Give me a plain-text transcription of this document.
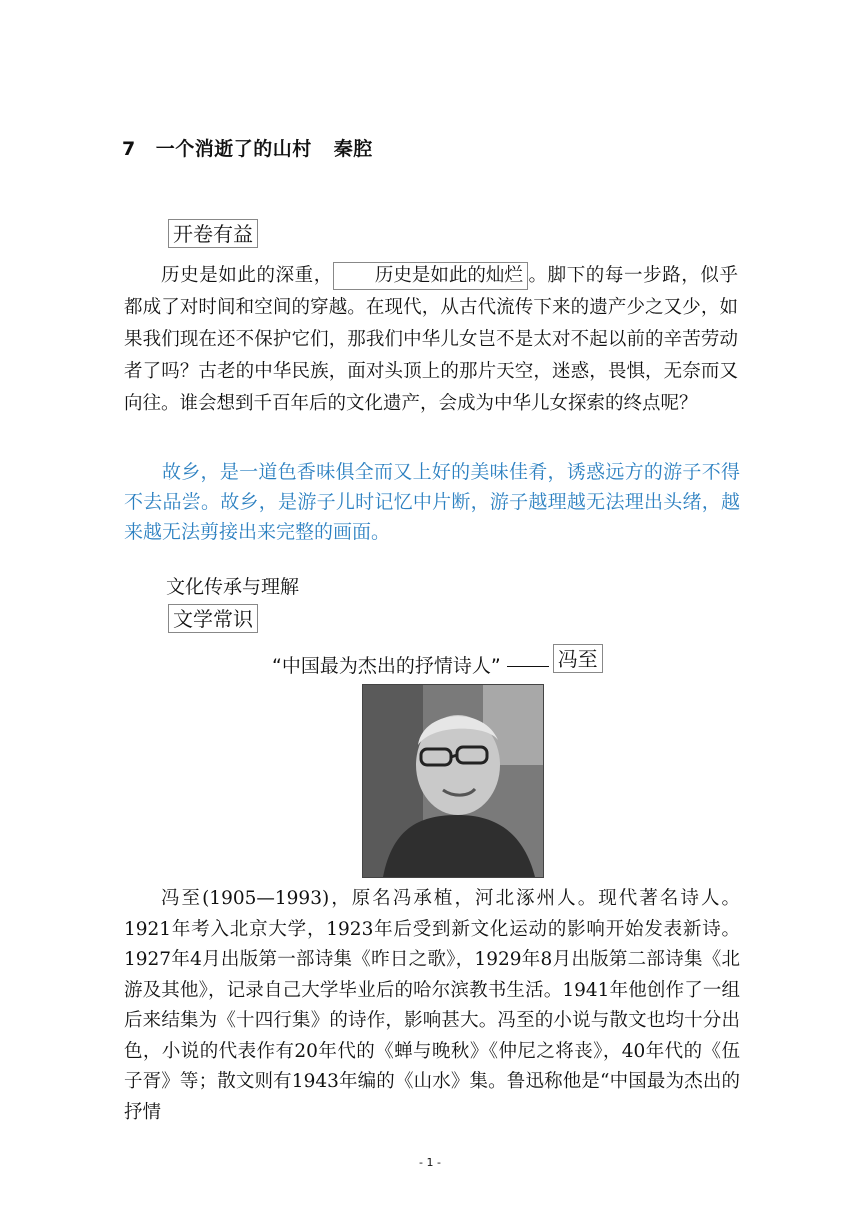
7 一个消逝了的山村 秦腔
开卷有益
历史是如此的深重， 历史是如此的灿烂 。脚下的每一步路，似乎都成了对时间和空间的穿越。在现代，从古代流传下来的遗产少之又少，如果我们现在还不保护它们，那我们中华儿女岂不是太对不起以前的辛苦劳动者了吗？古老的中华民族，面对头顶上的那片天空，迷惑，畏惧，无奈而又向往。谁会想到千百年后的文化遗产，会成为中华儿女探索的终点呢？
故乡，是一道色香味俱全而又上好的美味佳肴，诱惑远方的游子不得不去品尝。故乡，是游子儿时记忆中片断，游子越理越无法理出头绪，越来越无法剪接出来完整的画面。
文化传承与理解
文学常识
“中国最为杰出的抒情诗人”	冯至
冯至(1905—1993)，原名冯承植，河北涿州人。现代著名诗人。1921年考入北京大学，1923年后受到新文化运动的影响开始发表新诗。1927年4月出版第一部诗集《昨日之歌》，1929年8月出版第二部诗集《北游及其他》，记录自己大学毕业后的哈尔滨教书生活。1941年他创作了一组后来结集为《十四行集》的诗作，影响甚大。冯至的小说与散文也均十分出色，小说的代表作有20年代的《蝉与晚秋》《仲尼之将丧》，40年代的《伍子胥》等；散文则有1943年编的《山水》集。鲁迅称他是“中国最为杰出的抒情
- 1 -
